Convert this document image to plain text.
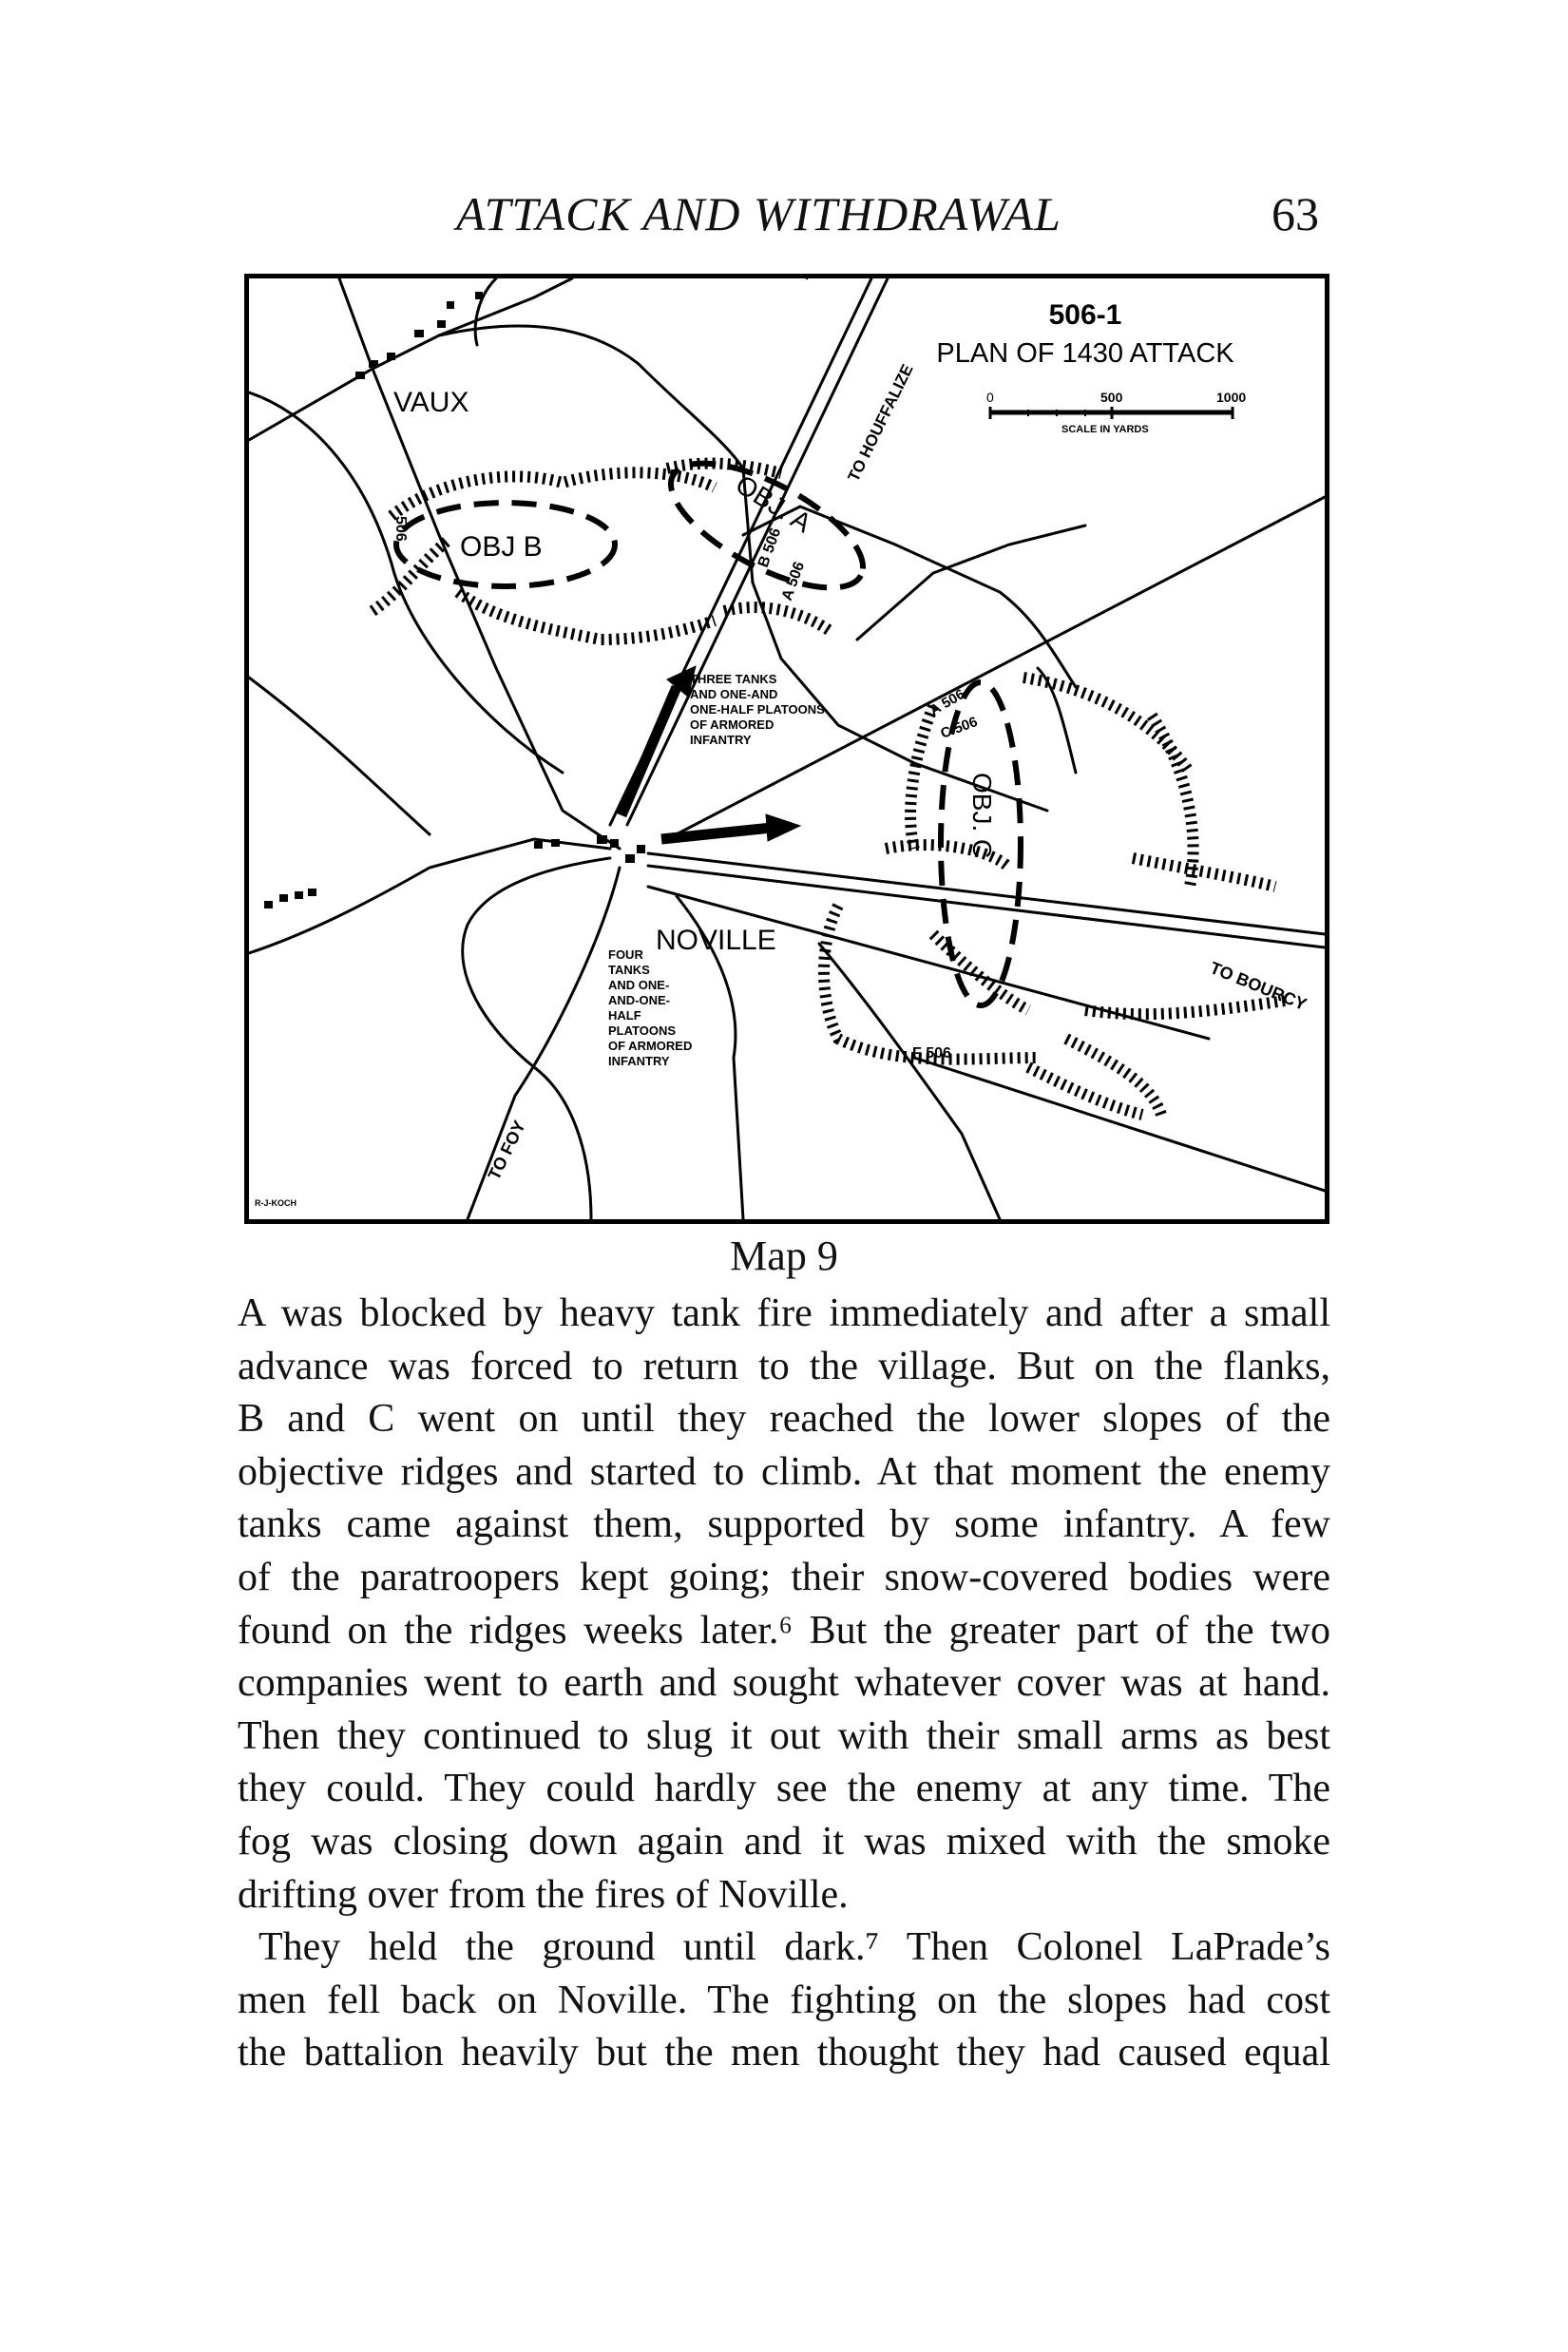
ATTACK AND WITHDRAWAL	63
0	500	1000
SCALE IN YARDS
506-1
PLAN OF 1430 ATTACK
VAUX
NOVILLE
TO HOUFFALIZE
TO FOY
TO BOURCY
OBJ B
OBJ. A
OBJ. C
B 506
A 506
506
A 506
C 506
F 506
THREE TANKS
AND ONE-AND
ONE-HALF PLATOONS
OF ARMORED
INFANTRY
FOUR
TANKS
AND ONE-
AND-ONE-
HALF
PLATOONS
OF ARMORED
INFANTRY
R-J-KOCH
Map 9

A was blocked by heavy tank fire immediately and after a small
advance was forced to return to the village. But on the flanks,
B and C went on until they reached the lower slopes of the
objective ridges and started to climb. At that moment the enemy
tanks came against them, supported by some infantry. A few
of the paratroopers kept going; their snow-covered bodies were
found on the ridges weeks later.⁶ But the greater part of the two
companies went to earth and sought whatever cover was at hand.
Then they continued to slug it out with their small arms as best
they could. They could hardly see the enemy at any time. The
fog was closing down again and it was mixed with the smoke
drifting over from the fires of Noville.

They held the ground until dark.⁷ Then Colonel LaPrade’s
men fell back on Noville. The fighting on the slopes had cost
the battalion heavily but the men thought they had caused equal
